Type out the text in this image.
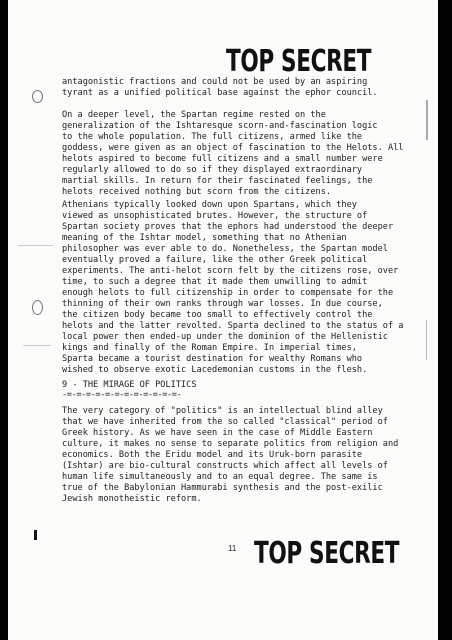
TOP SECRET
antagonistic fractions and could not be used by an aspiring
tyrant as a unified political base against the ephor council.
On a deeper level, the Spartan regime rested on the
generalization of the Ishtaresque scorn-and-fascination logic
to the whole population. The full citizens, armed like the
goddess, were given as an object of fascination to the Helots. All
helots aspired to become full citizens and a small number were
regularly allowed to do so if they displayed extraordinary
martial skills. In return for their fascinated feelings, the
helots received nothing but scorn from the citizens.
Athenians typically looked down upon Spartans, which they
viewed as unsophisticated brutes. However, the structure of
Spartan society proves that the ephors had understood the deeper
meaning of the Ishtar model, something that no Athenian
philosopher was ever able to do. Nonetheless, the Spartan model
eventually proved a failure, like the other Greek political
experiments. The anti-helot scorn felt by the citizens rose, over
time, to such a degree that it made them unwilling to admit
enough helots to full citizenship in order to compensate for the
thinning of their own ranks through war losses. In due course,
the citizen body became too small to effectively control the
helots and the latter revolted. Sparta declined to the status of a
local power then ended-up under the dominion of the Hellenistic
kings and finally of the Roman Empire. In imperial times,
Sparta became a tourist destination for wealthy Romans who
wished to observe exotic Lacedemonian customs in the flesh.
9 - THE MIRAGE OF POLITICS
-=-=-=-=-=-=-=-=-=-=-=-=-
The very category of "politics" is an intellectual blind alley
that we have inherited from the so called "classical" period of
Greek history. As we have seen in the case of Middle Eastern
culture, it makes no sense to separate politics from religion and
economics. Both the Eridu model and its Uruk-born parasite
(Ishtar) are bio-cultural constructs which affect all levels of
human life simultaneously and to an equal degree. The same is
true of the Babylonian Hammurabi synthesis and the post-exilic
Jewish monotheistic reform.
11 TOP SECRET
